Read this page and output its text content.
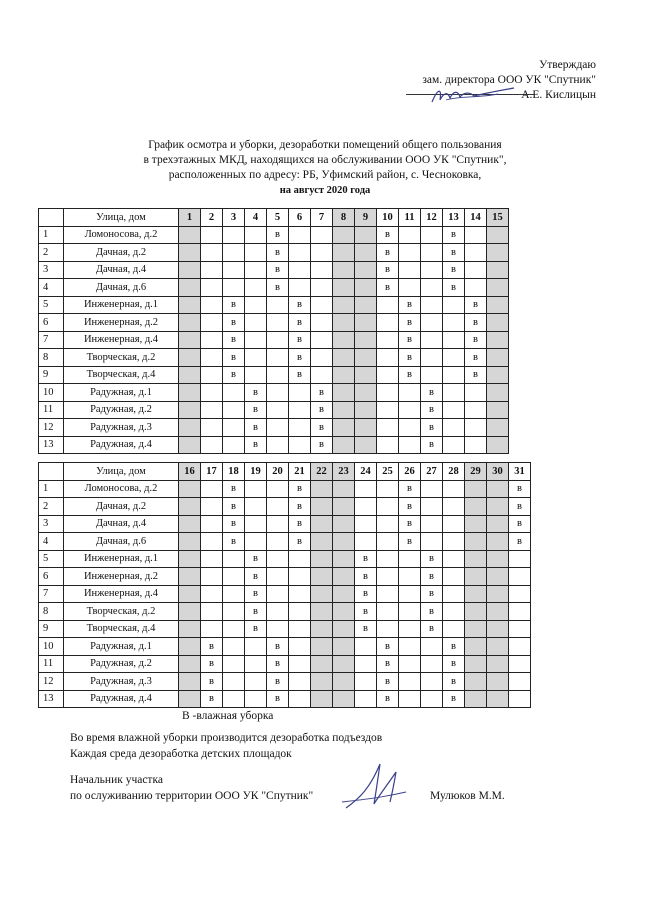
Утверждаю
зам. директора ООО УК "Спутник"
А.Е. Кислицын
График осмотра и уборки, дезоработки помещений общего пользования
в трехэтажных МКД, находящихся на обслуживании ООО УК "Спутник",
расположенных по адресу: РБ, Уфимский район, с. Чесноковка,
на август 2020 года
	Улица, дом	1	2	3	4	5	6	7	8	9	10	11	12	13	14	15
1	Ломоносова, д.2					в					в			в		
2	Дачная, д.2					в					в			в		
3	Дачная, д.4					в					в			в		
4	Дачная, д.6					в					в			в		
5	Инженерная, д.1			в			в					в			в	
6	Инженерная, д.2			в			в					в			в	
7	Инженерная, д.4			в			в					в			в	
8	Творческая, д.2			в			в					в			в	
9	Творческая, д.4			в			в					в			в	
10	Радужная, д.1				в			в					в			
11	Радужная, д.2				в			в					в			
12	Радужная, д.3				в			в					в			
13	Радужная, д.4				в			в					в			
	Улица, дом	16	17	18	19	20	21	22	23	24	25	26	27	28	29	30	31
1	Ломоносова, д.2			в			в					в					в
2	Дачная, д.2			в			в					в					в
3	Дачная, д.4			в			в					в					в
4	Дачная, д.6			в			в					в					в
5	Инженерная, д.1				в					в			в				
6	Инженерная, д.2				в					в			в				
7	Инженерная, д.4				в					в			в				
8	Творческая, д.2				в					в			в				
9	Творческая, д.4				в					в			в				
10	Радужная, д.1		в			в					в			в			
11	Радужная, д.2		в			в					в			в			
12	Радужная, д.3		в			в					в			в			
13	Радужная, д.4		в			в					в			в			
В -влажная уборка
Во время влажной уборки производится дезоработка подъездов
Каждая среда дезоработка детских площадок
Начальник участка
по ослуживанию территории ООО УК "Спутник"	Мулюков М.М.
